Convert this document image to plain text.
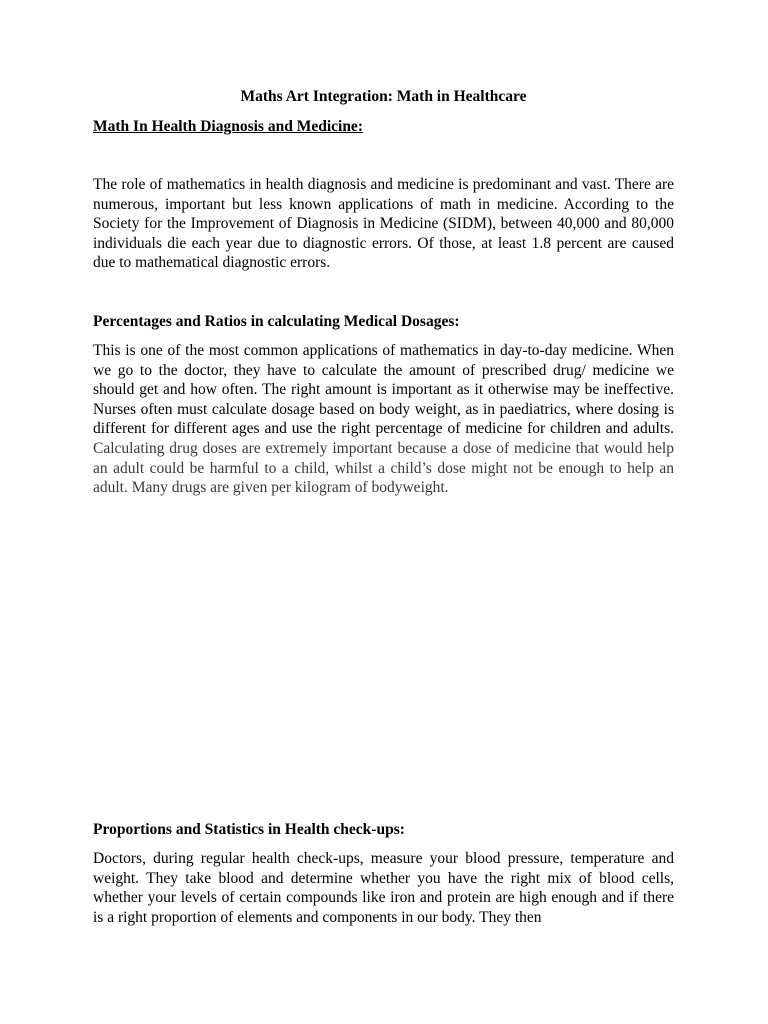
Maths Art Integration: Math in Healthcare

Math In Health Diagnosis and Medicine:

The role of mathematics in health diagnosis and medicine is predominant and vast. There are numerous, important but less known applications of math in medicine. According to the Society for the Improvement of Diagnosis in Medicine (SIDM), between 40,000 and 80,000 individuals die each year due to diagnostic errors. Of those, at least 1.8 percent are caused due to mathematical diagnostic errors.

Percentages and Ratios in calculating Medical Dosages:

This is one of the most common applications of mathematics in day-to-day medicine. When we go to the doctor, they have to calculate the amount of prescribed drug/ medicine we should get and how often. The right amount is important as it otherwise may be ineffective. Nurses often must calculate dosage based on body weight, as in paediatrics, where dosing is different for different ages and use the right percentage of medicine for children and adults. Calculating drug doses are extremely important because a dose of medicine that would help an adult could be harmful to a child, whilst a child’s dose might not be enough to help an adult. Many drugs are given per kilogram of bodyweight.

Proportions and Statistics in Health check-ups:

Doctors, during regular health check-ups, measure your blood pressure, temperature and weight. They take blood and determine whether you have the right mix of blood cells, whether your levels of certain compounds like iron and protein are high enough and if there is a right proportion of elements and components in our body. They then
